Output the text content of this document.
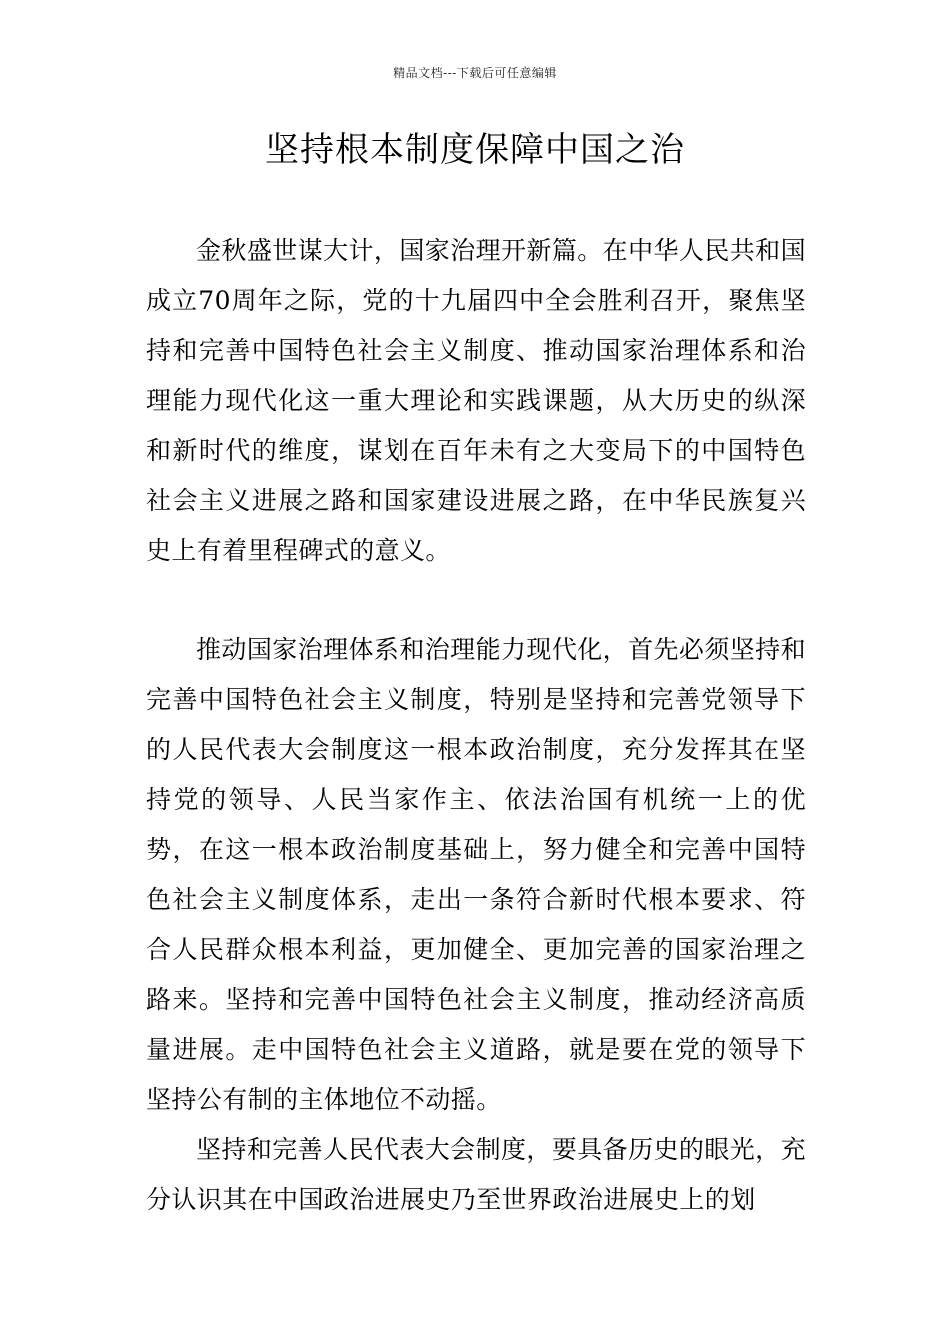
精品文档---下载后可任意编辑
坚持根本制度保障中国之治

金秋盛世谋大计，国家治理开新篇。在中华人民共和国成立70周年之际，党的十九届四中全会胜利召开，聚焦坚持和完善中国特色社会主义制度、推动国家治理体系和治理能力现代化这一重大理论和实践课题，从大历史的纵深和新时代的维度，谋划在百年未有之大变局下的中国特色社会主义进展之路和国家建设进展之路，在中华民族复兴史上有着里程碑式的意义。

推动国家治理体系和治理能力现代化，首先必须坚持和完善中国特色社会主义制度，特别是坚持和完善党领导下的人民代表大会制度这一根本政治制度，充分发挥其在坚持党的领导、人民当家作主、依法治国有机统一上的优势，在这一根本政治制度基础上，努力健全和完善中国特色社会主义制度体系，走出一条符合新时代根本要求、符合人民群众根本利益，更加健全、更加完善的国家治理之路来。坚持和完善中国特色社会主义制度，推动经济高质量进展。走中国特色社会主义道路，就是要在党的领导下坚持公有制的主体地位不动摇。

坚持和完善人民代表大会制度，要具备历史的眼光，充分认识其在中国政治进展史乃至世界政治进展史上的划
